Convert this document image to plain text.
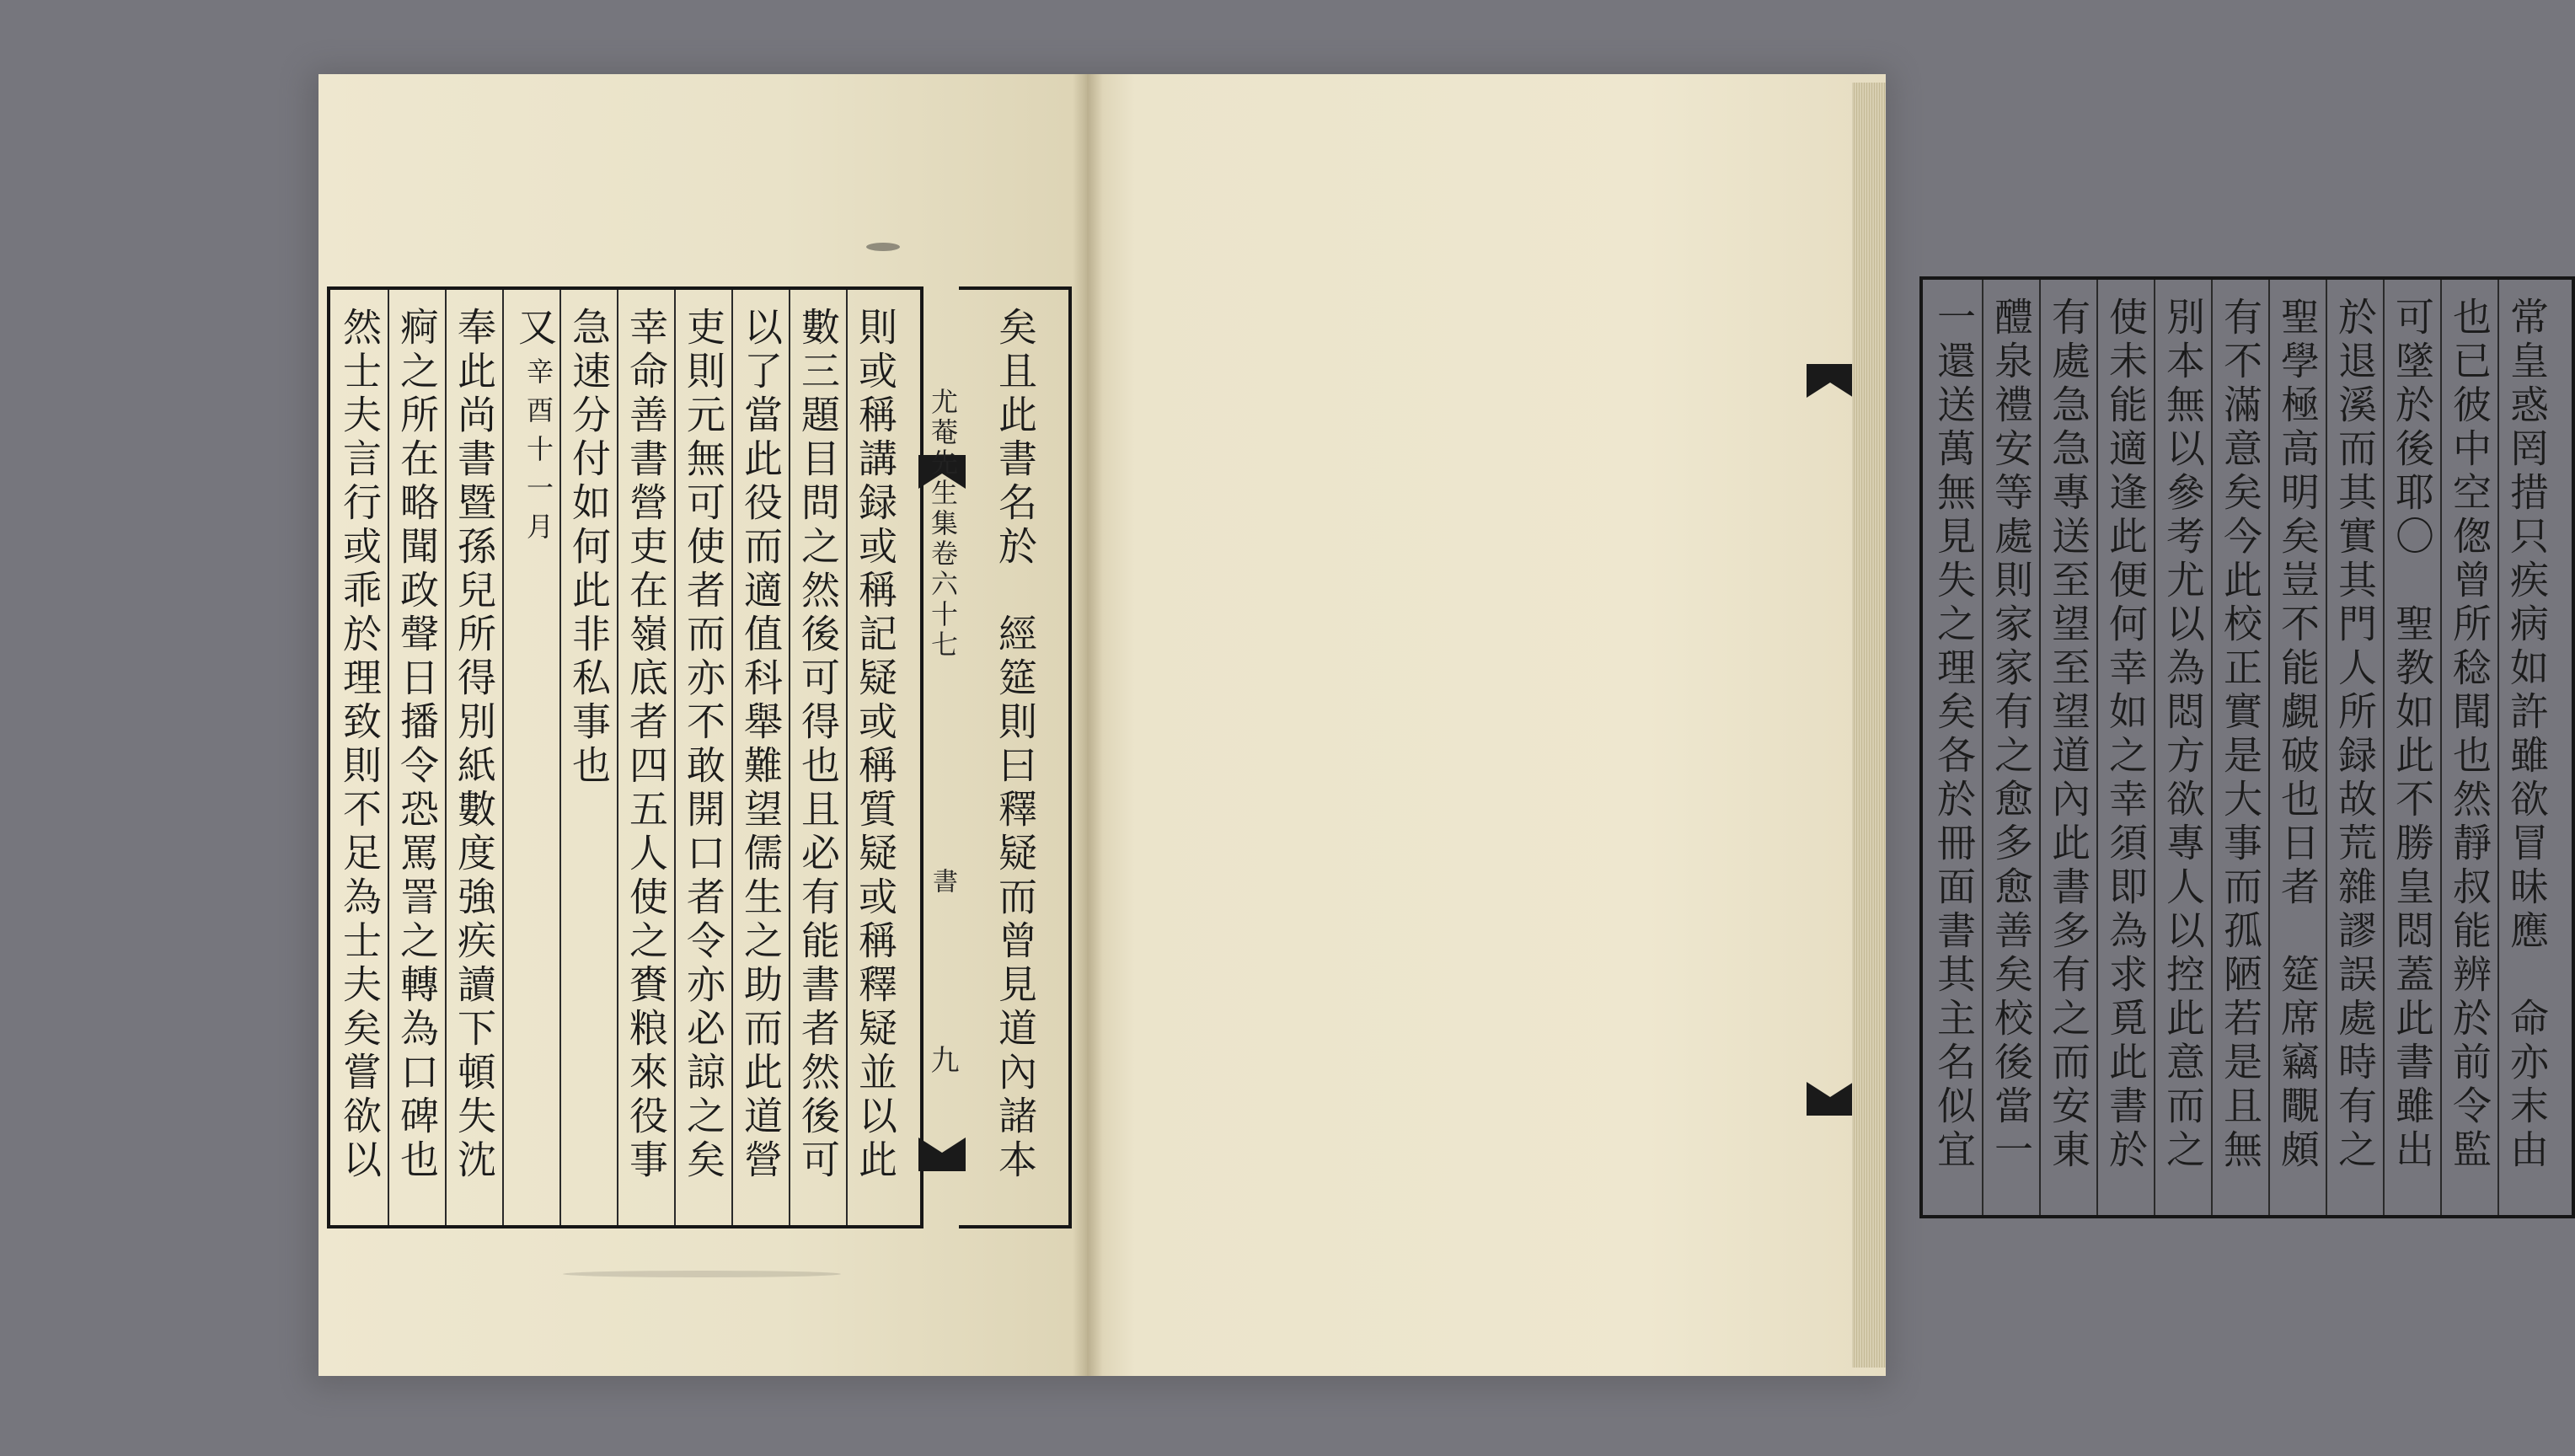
然士夫言行或乖於理致則不足為士夫矣嘗欲以 痾之所在略聞政聲日播令恐罵詈之轉為口碑也 奉此尚書暨孫兒所得別紙數度強疾讀下頓失沈 辛酉十一月
又 急速分付如何此非私事也 幸命善書營吏在嶺底者四五人使之賚粮來役事 吏則元無可使者而亦不敢開口者令亦必諒之矣 以了當此役而適值科舉難望儒生之助而此道營 數三題目問之然後可得也且必有能書者然後可 則或稱講録或稱記疑或稱質疑或稱釋疑並以此 尤菴先生集卷六十七
書
九 矣且此書名於　經筵則曰釋疑而曾見道內諸本	一還送萬無見失之理矣各於冊面書其主名似宜 醴泉禮安等處則家家有之愈多愈善矣校後當一 有處急急專送至望至望道內此書多有之而安東 使未能適逢此便何幸如之幸須即為求覓此書於 別本無以參考尤以為悶方欲專人以控此意而之 有不滿意矣今此校正實是大事而孤陋若是且無 聖學極高明矣豈不能覷破也日者　筵席竊覸頗 於退溪而其實其門人所録故荒雜謬誤處時有之 可墜於後耶〇　聖教如此不勝皇悶蓋此書雖出 也已彼中空偬曾所稔聞也然靜叔能辨於前令監 常皇惑罔措只疾病如許雖欲冒昧應　命亦末由
